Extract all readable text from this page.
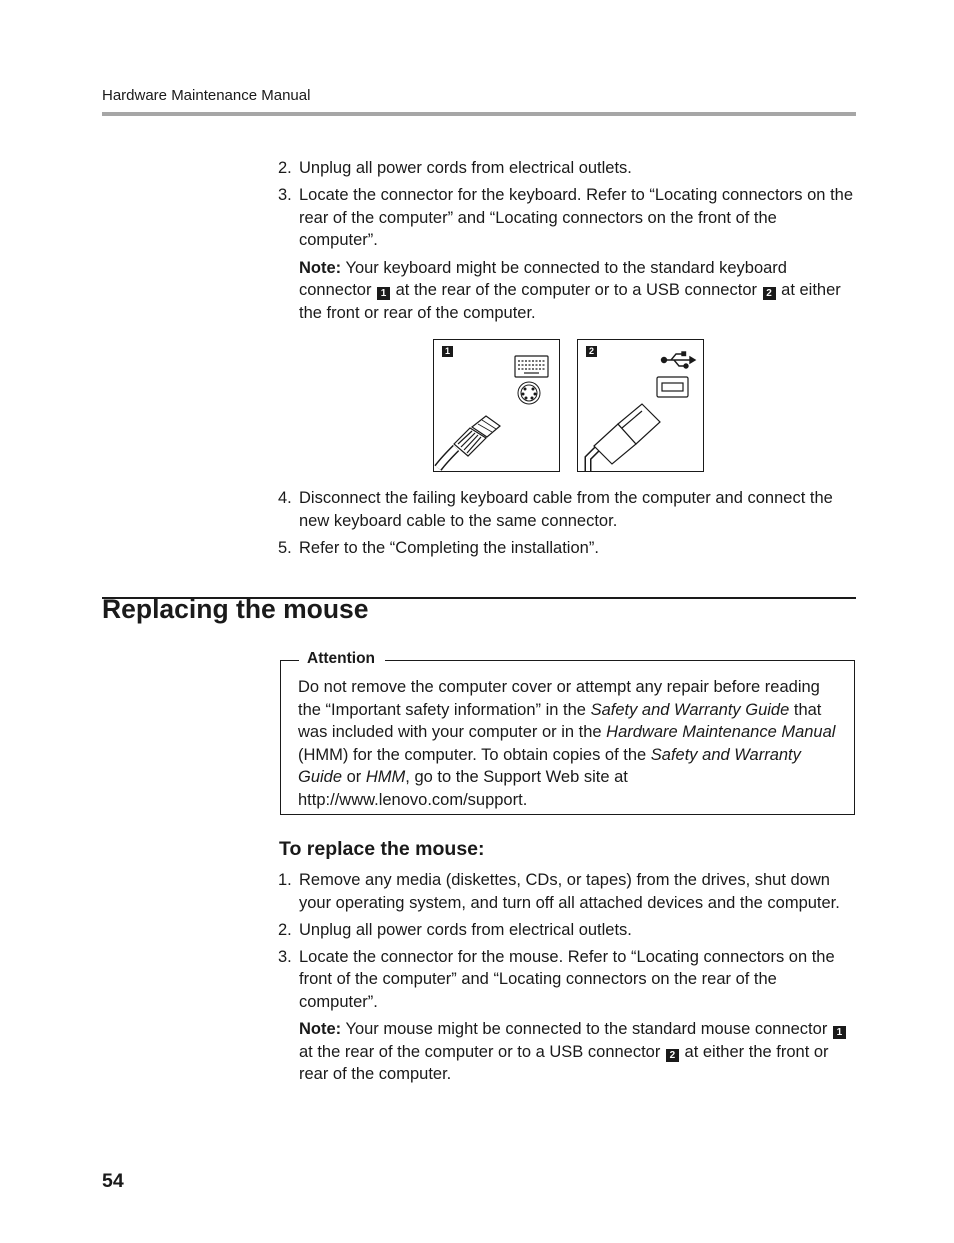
Hardware Maintenance Manual
2. Unplug all power cords from electrical outlets.
3. Locate the connector for the keyboard. Refer to “Locating connectors on the rear of the computer” and “Locating connectors on the front of the computer”.
Note: Your keyboard might be connected to the standard keyboard connector 1 at the rear of the computer or to a USB connector 2 at either the front or rear of the computer.
1	2
4. Disconnect the failing keyboard cable from the computer and connect the new keyboard cable to the same connector.
5. Refer to the “Completing the installation”.
Replacing the mouse
Attention
Do not remove the computer cover or attempt any repair before reading the “Important safety information” in the Safety and Warranty Guide that was included with your computer or in the Hardware Maintenance Manual (HMM) for the computer. To obtain copies of the Safety and Warranty Guide or HMM, go to the Support Web site at http://www.lenovo.com/support.
To replace the mouse:
1. Remove any media (diskettes, CDs, or tapes) from the drives, shut down your operating system, and turn off all attached devices and the computer.
2. Unplug all power cords from electrical outlets.
3. Locate the connector for the mouse. Refer to “Locating connectors on the front of the computer” and “Locating connectors on the rear of the computer”.
Note: Your mouse might be connected to the standard mouse connector 1 at the rear of the computer or to a USB connector 2 at either the front or rear of the computer.
54
